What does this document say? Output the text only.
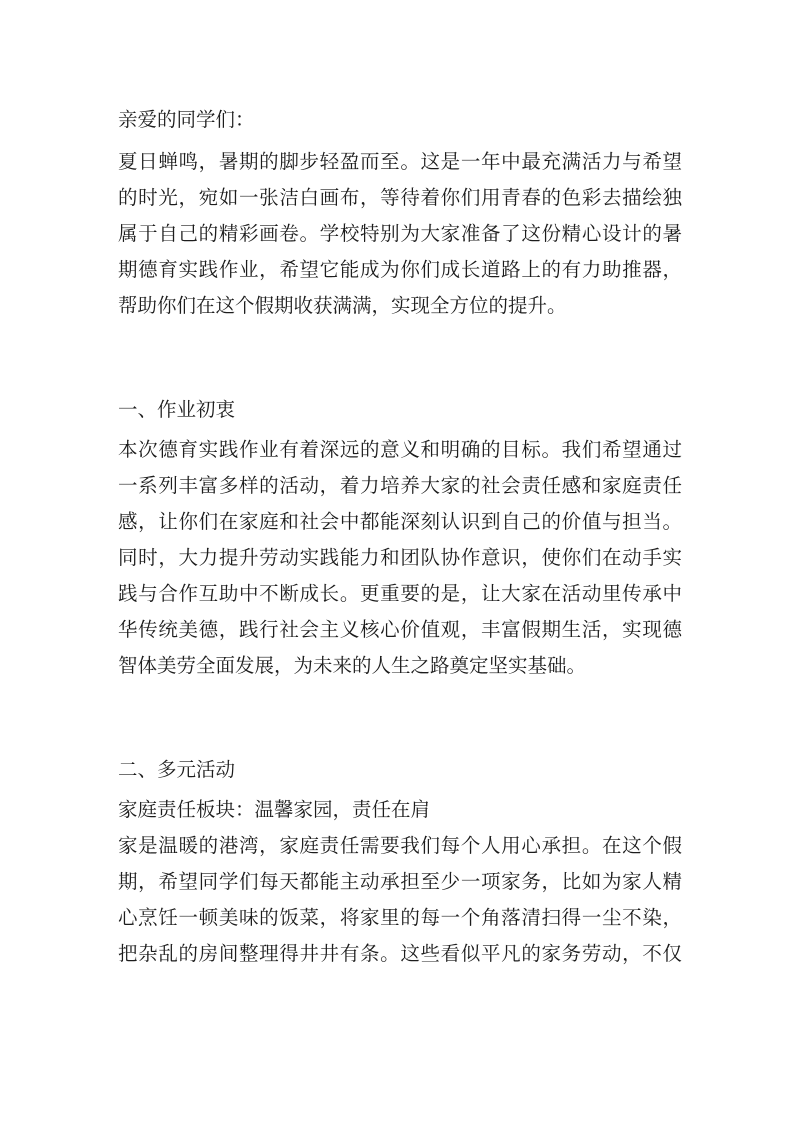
亲爱的同学们：
夏日蝉鸣，暑期的脚步轻盈而至。这是一年中最充满活力与希望
的时光，宛如一张洁白画布，等待着你们用青春的色彩去描绘独
属于自己的精彩画卷。学校特别为大家准备了这份精心设计的暑
期德育实践作业，希望它能成为你们成长道路上的有力助推器，
帮助你们在这个假期收获满满，实现全方位的提升。
一、作业初衷
本次德育实践作业有着深远的意义和明确的目标。我们希望通过
一系列丰富多样的活动，着力培养大家的社会责任感和家庭责任
感，让你们在家庭和社会中都能深刻认识到自己的价值与担当。
同时，大力提升劳动实践能力和团队协作意识，使你们在动手实
践与合作互助中不断成长。更重要的是，让大家在活动里传承中
华传统美德，践行社会主义核心价值观，丰富假期生活，实现德
智体美劳全面发展，为未来的人生之路奠定坚实基础。
二、多元活动
家庭责任板块：温馨家园，责任在肩
家是温暖的港湾，家庭责任需要我们每个人用心承担。在这个假
期，希望同学们每天都能主动承担至少一项家务，比如为家人精
心烹饪一顿美味的饭菜，将家里的每一个角落清扫得一尘不染，
把杂乱的房间整理得井井有条。这些看似平凡的家务劳动，不仅
